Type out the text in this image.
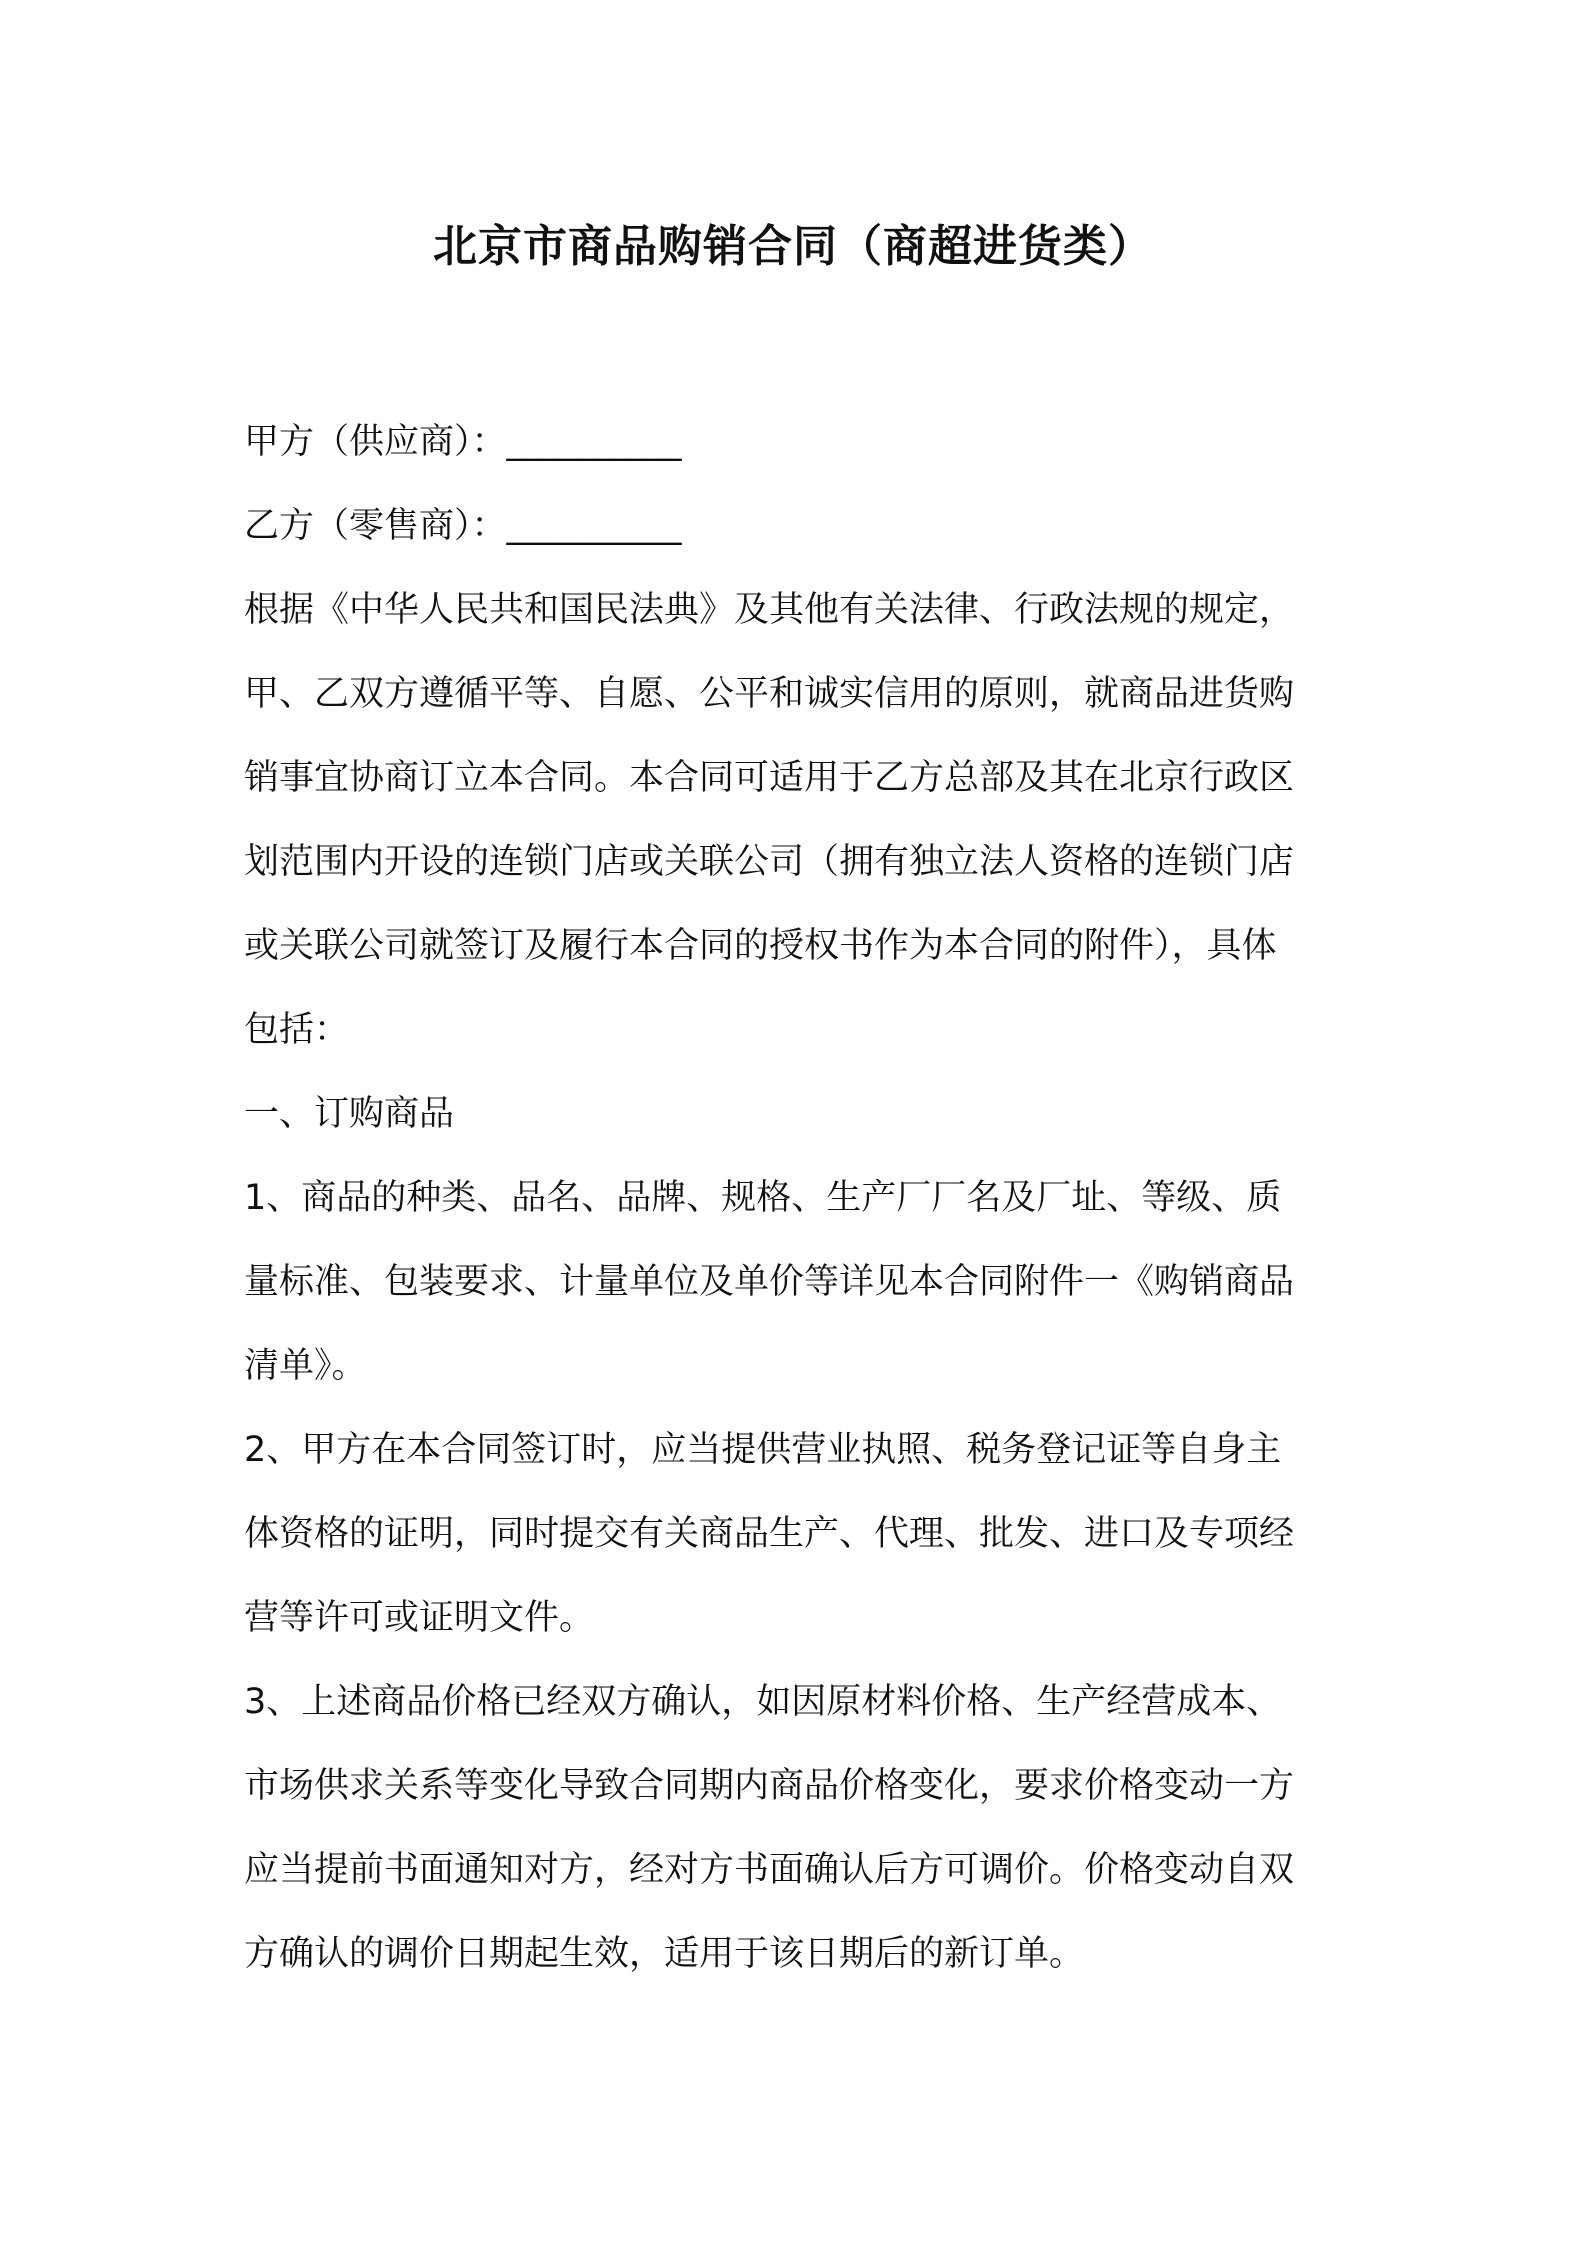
北京市商品购销合同（商超进货类）

甲方（供应商）：__________

乙方（零售商）：__________

根据《中华人民共和国民法典》及其他有关法律、行政法规的规定，

甲、乙双方遵循平等、自愿、公平和诚实信用的原则，就商品进货购

销事宜协商订立本合同。本合同可适用于乙方总部及其在北京行政区

划范围内开设的连锁门店或关联公司（拥有独立法人资格的连锁门店

或关联公司就签订及履行本合同的授权书作为本合同的附件），具体

包括：

一、订购商品

1、商品的种类、品名、品牌、规格、生产厂厂名及厂址、等级、质

量标准、包装要求、计量单位及单价等详见本合同附件一《购销商品

清单》。

2、甲方在本合同签订时，应当提供营业执照、税务登记证等自身主

体资格的证明，同时提交有关商品生产、代理、批发、进口及专项经

营等许可或证明文件。

3、上述商品价格已经双方确认，如因原材料价格、生产经营成本、

市场供求关系等变化导致合同期内商品价格变化，要求价格变动一方

应当提前书面通知对方，经对方书面确认后方可调价。价格变动自双

方确认的调价日期起生效，适用于该日期后的新订单。
